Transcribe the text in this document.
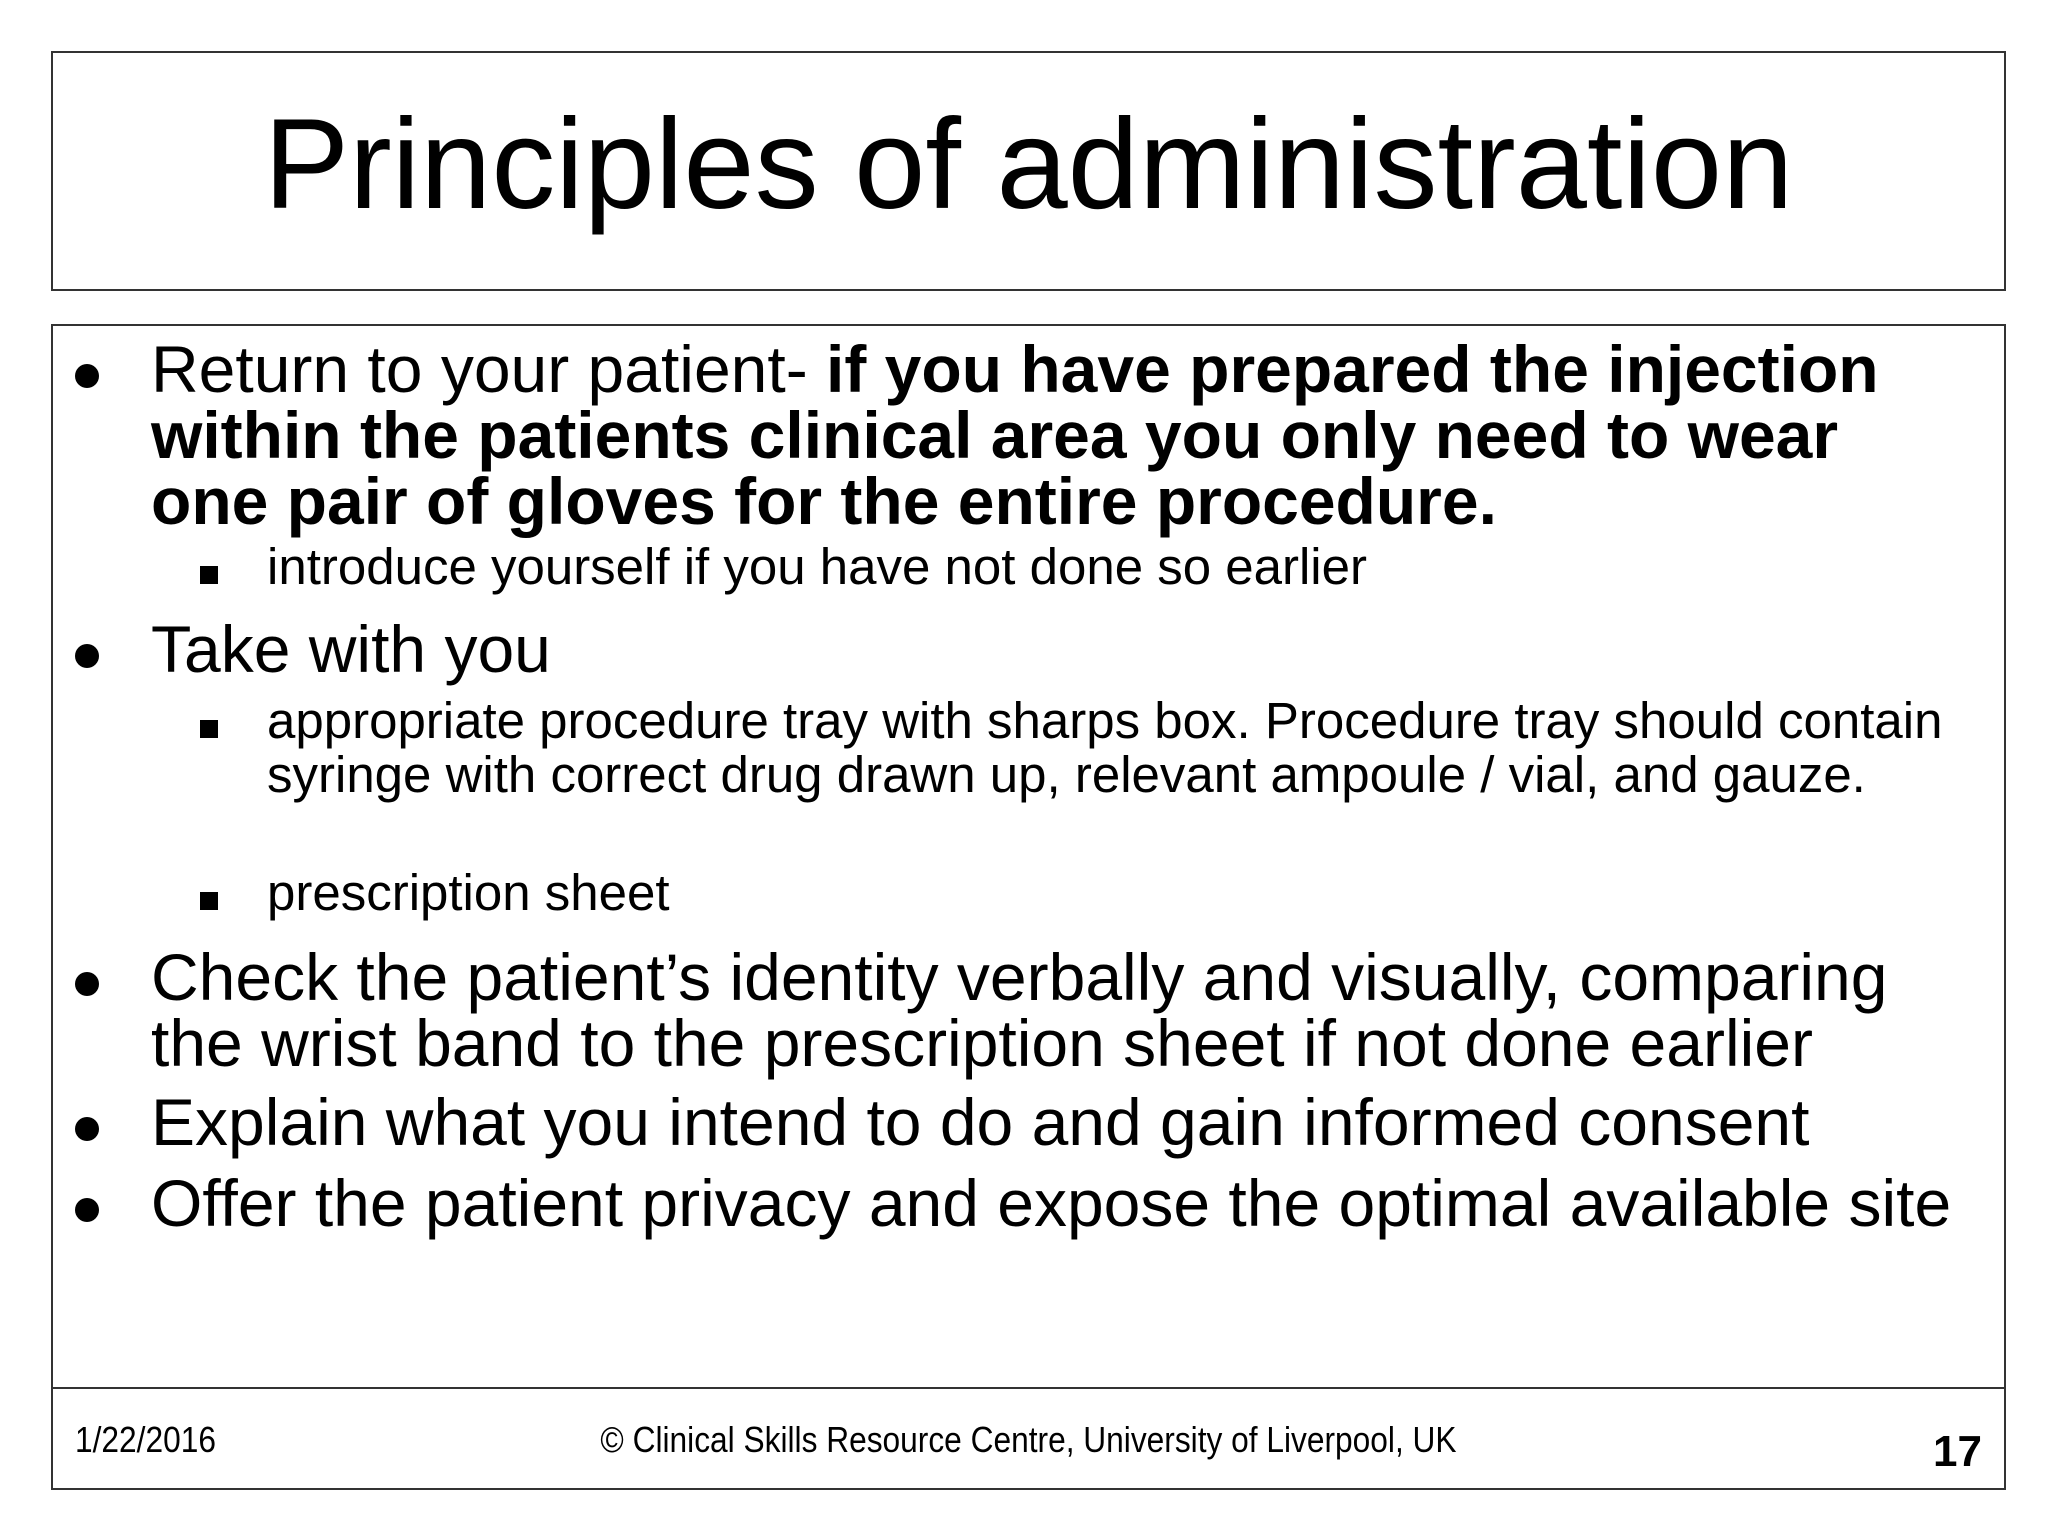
Principles of administration
Return to your patient- if you have prepared the injection within the patients clinical area you only need to wear one pair of gloves for the entire procedure.
introduce yourself if you have not done so earlier
Take with you
appropriate procedure tray with sharps box. Procedure tray should contain syringe with correct drug drawn up, relevant ampoule / vial, and gauze.
prescription sheet
Check the patient’s identity verbally and visually, comparing the wrist band to the prescription sheet if not done earlier
Explain what you intend to do and gain informed consent
Offer the patient privacy and expose the optimal available site
1/22/2016	© Clinical Skills Resource Centre, University of Liverpool, UK	17
